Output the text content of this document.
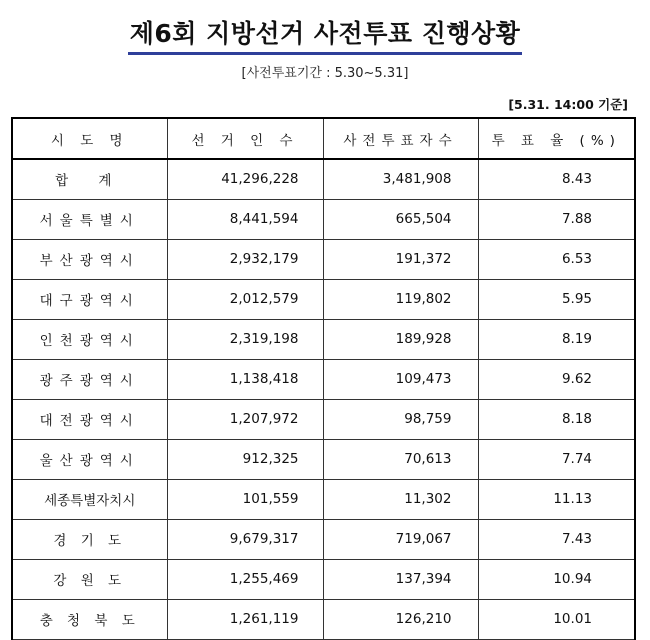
제6회 지방선거 사전투표 진행상황
[사전투표기간 : 5.30~5.31]
[5.31. 14:00 기준]
시 도 명	선 거 인 수	사전투표자수	투 표 율 (%)
합 계	41,296,228	3,481,908	8.43
서울특별시	8,441,594	665,504	7.88
부산광역시	2,932,179	191,372	6.53
대구광역시	2,012,579	119,802	5.95
인천광역시	2,319,198	189,928	8.19
광주광역시	1,138,418	109,473	9.62
대전광역시	1,207,972	98,759	8.18
울산광역시	912,325	70,613	7.74
세종특별자치시	101,559	11,302	11.13
경 기 도	9,679,317	719,067	7.43
강 원 도	1,255,469	137,394	10.94
충 청 북 도	1,261,119	126,210	10.01
